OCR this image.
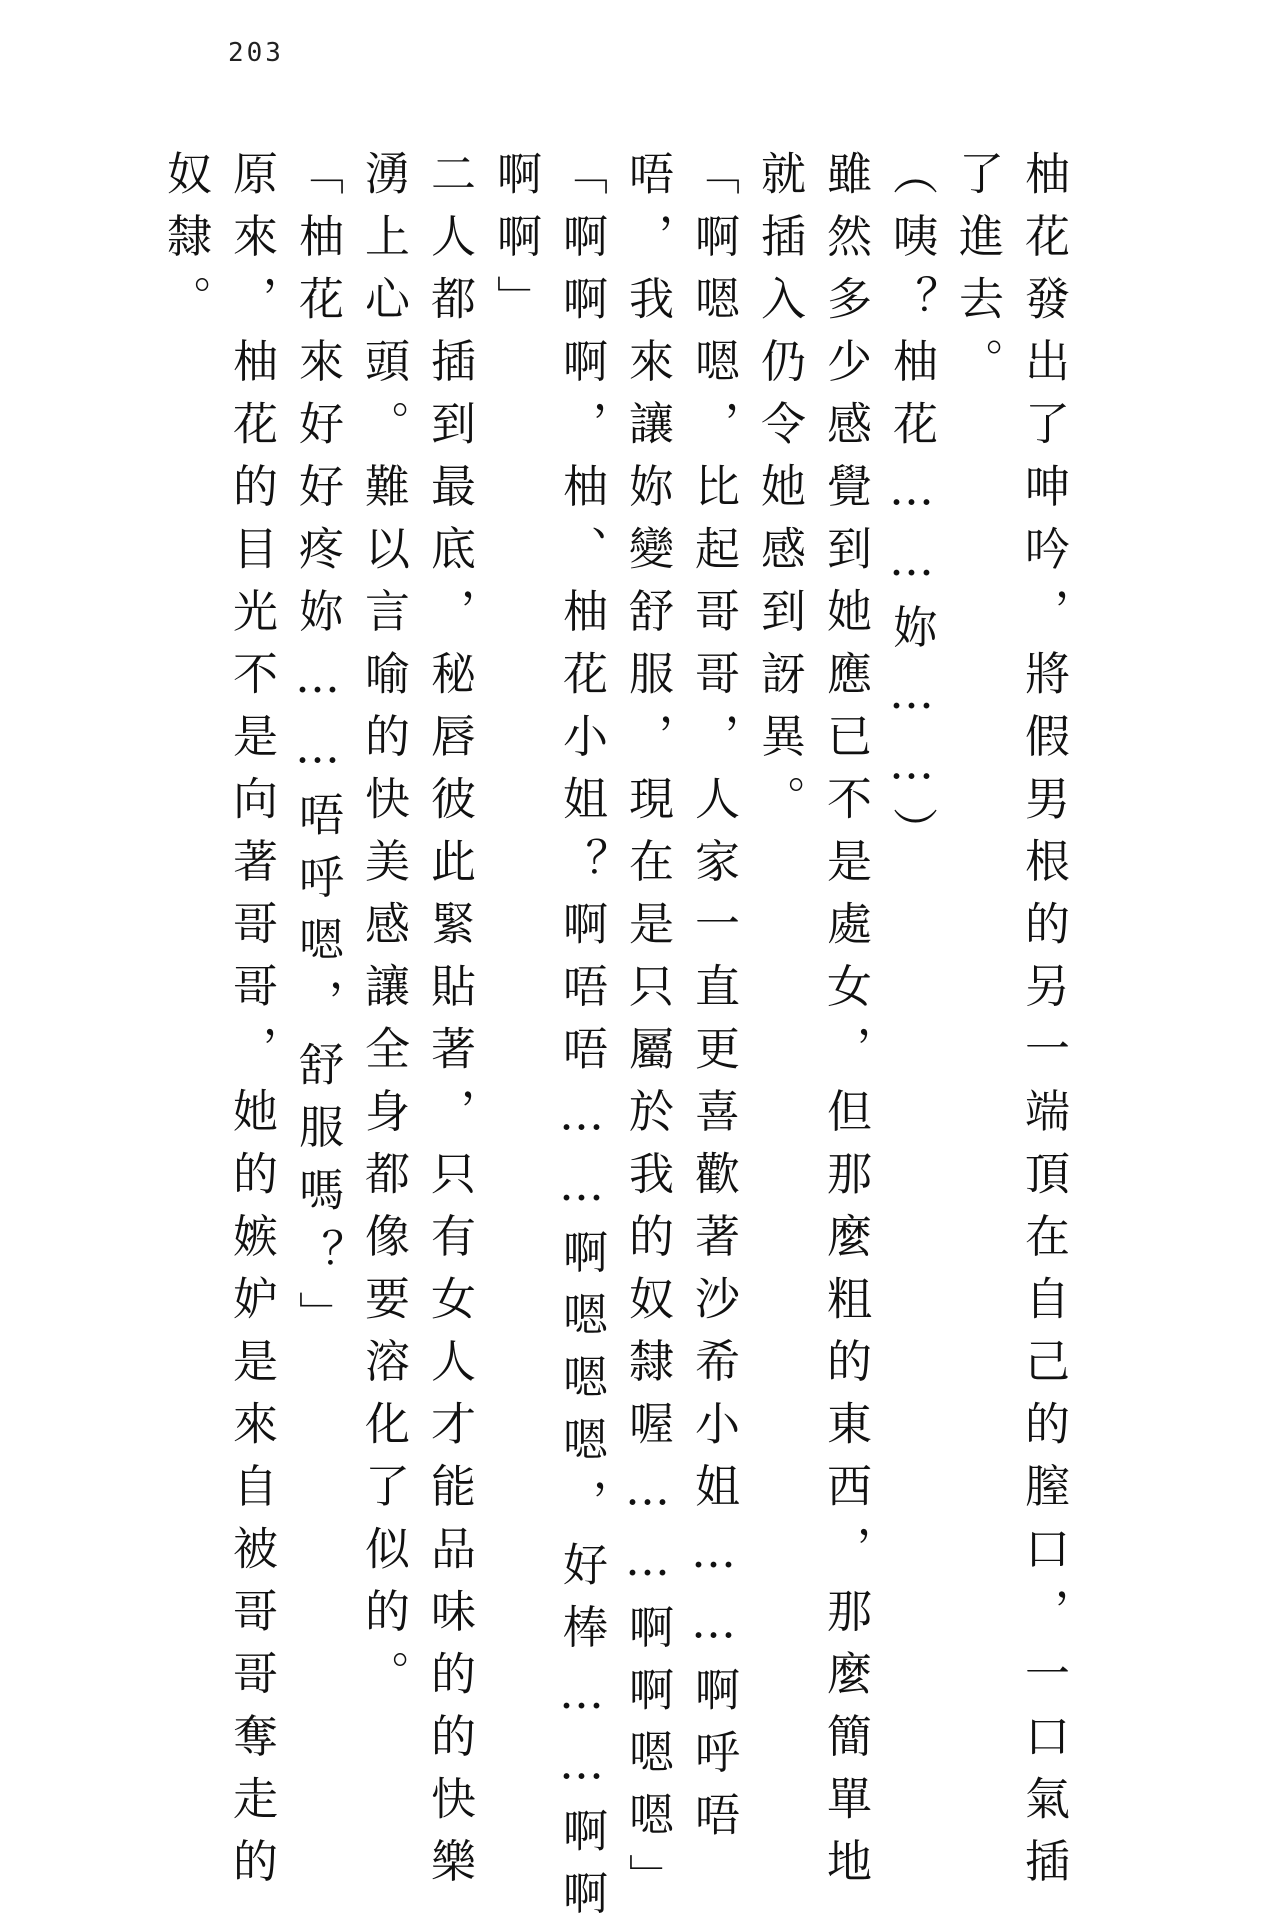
203
柚花發出了呻吟，將假男根的另一端頂在自己的膣口，一口氣插
了進去。
（咦？柚花……妳……）
雖然多少感覺到她應已不是處女，但那麼粗的東西，那麼簡單地
就插入仍令她感到訝異。
「啊嗯嗯，比起哥哥，人家一直更喜歡著沙希小姐……啊呼唔
唔，我來讓妳變舒服，現在是只屬於我的奴隸喔……啊啊嗯嗯」
「啊啊啊，柚、柚花小姐？啊唔唔……啊嗯嗯嗯，好棒……啊啊
啊啊」
二人都插到最底，秘唇彼此緊貼著，只有女人才能品味的的快樂
湧上心頭。難以言喻的快美感讓全身都像要溶化了似的。
「柚花來好好疼妳……唔呼嗯，舒服嗎？」
原來，柚花的目光不是向著哥哥，她的嫉妒是來自被哥哥奪走的
奴隸。
